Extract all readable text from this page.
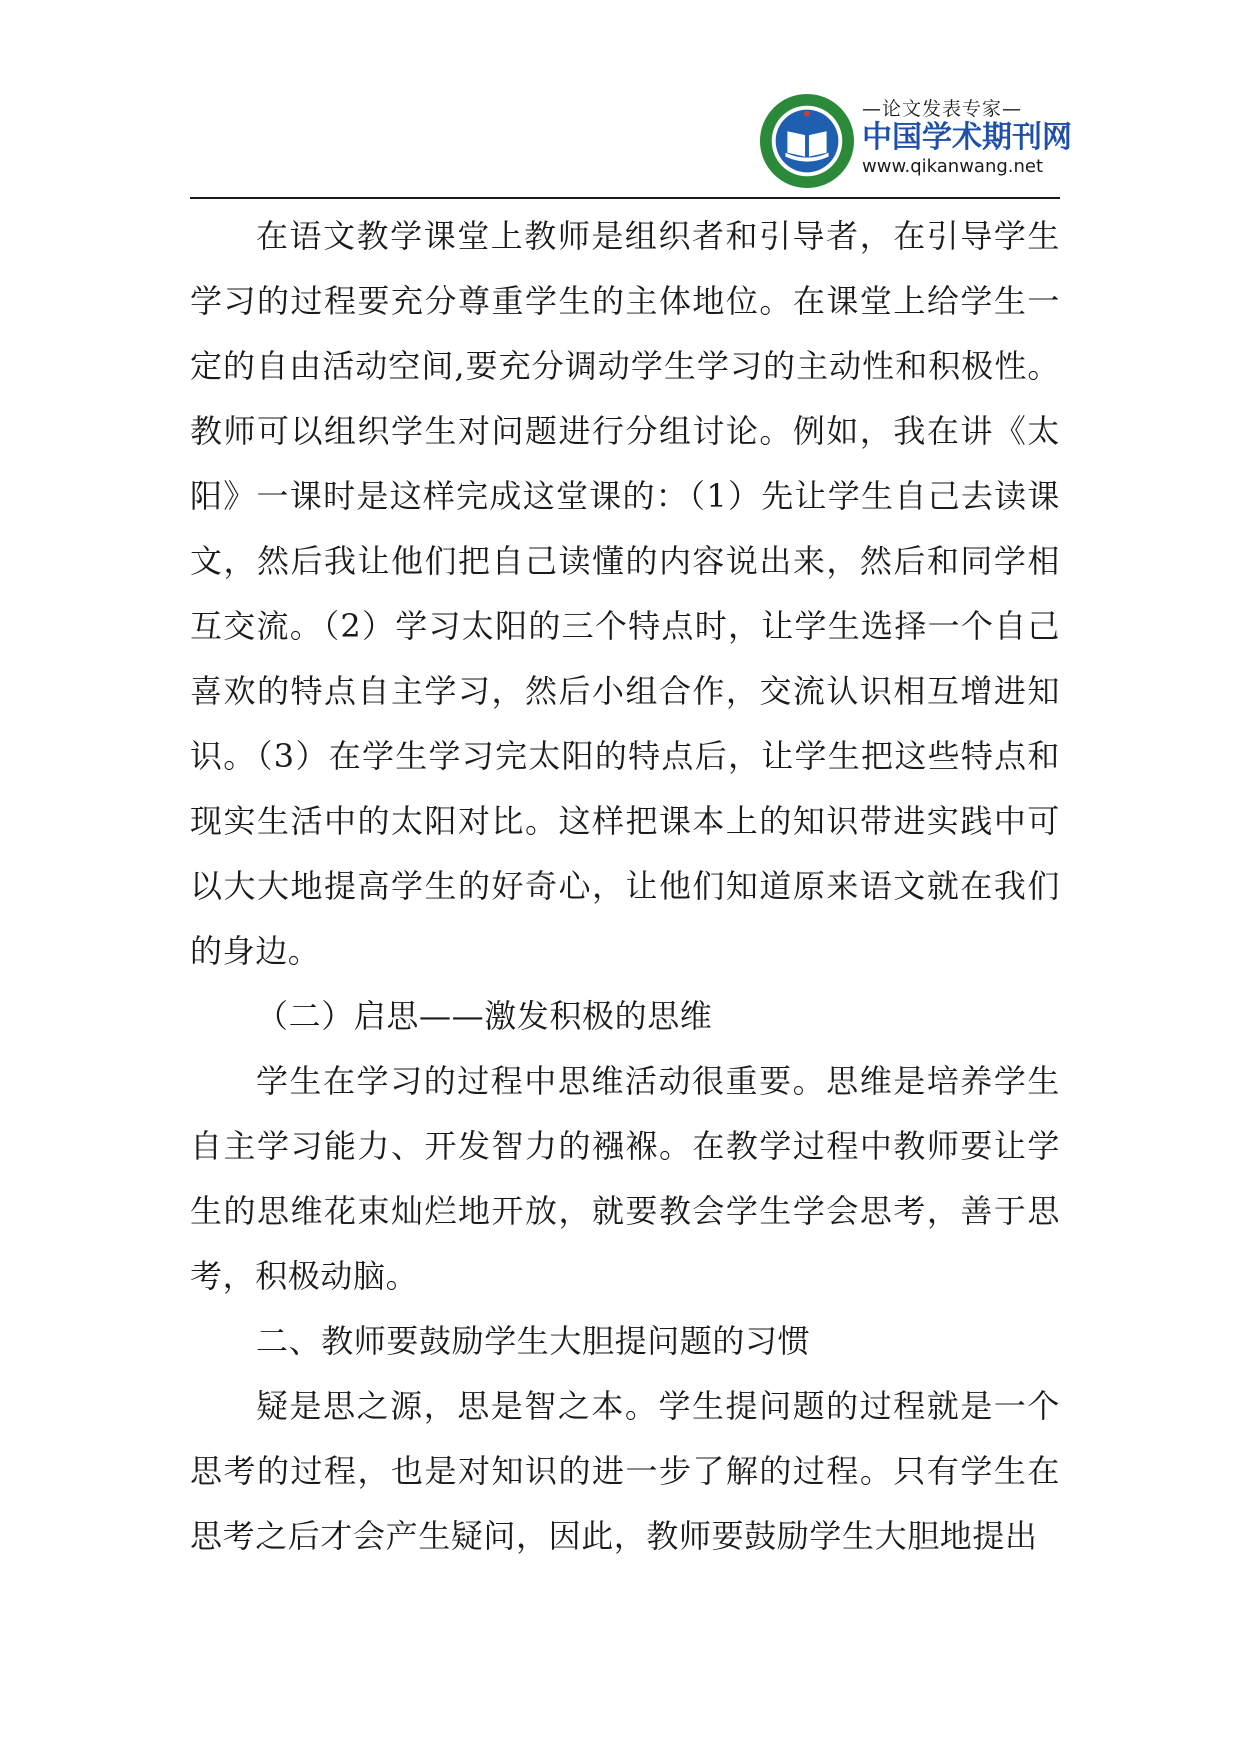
—论文发表专家—
中国学术期刊网
www.qikanwang.net

在语文教学课堂上教师是组织者和引导者，在引导学生学习的过程要充分尊重学生的主体地位。在课堂上给学生一定的自由活动空间,要充分调动学生学习的主动性和积极性。教师可以组织学生对问题进行分组讨论。例如，我在讲《太阳》一课时是这样完成这堂课的：（1）先让学生自己去读课文，然后我让他们把自己读懂的内容说出来，然后和同学相互交流。（2）学习太阳的三个特点时，让学生选择一个自己喜欢的特点自主学习，然后小组合作，交流认识相互增进知识。（3）在学生学习完太阳的特点后，让学生把这些特点和现实生活中的太阳对比。这样把课本上的知识带进实践中可以大大地提高学生的好奇心，让他们知道原来语文就在我们的身边。

（二）启思——激发积极的思维

学生在学习的过程中思维活动很重要。思维是培养学生自主学习能力、开发智力的襁褓。在教学过程中教师要让学生的思维花束灿烂地开放，就要教会学生学会思考，善于思考，积极动脑。

二、教师要鼓励学生大胆提问题的习惯

疑是思之源，思是智之本。学生提问题的过程就是一个思考的过程，也是对知识的进一步了解的过程。只有学生在思考之后才会产生疑问，因此，教师要鼓励学生大胆地提出
